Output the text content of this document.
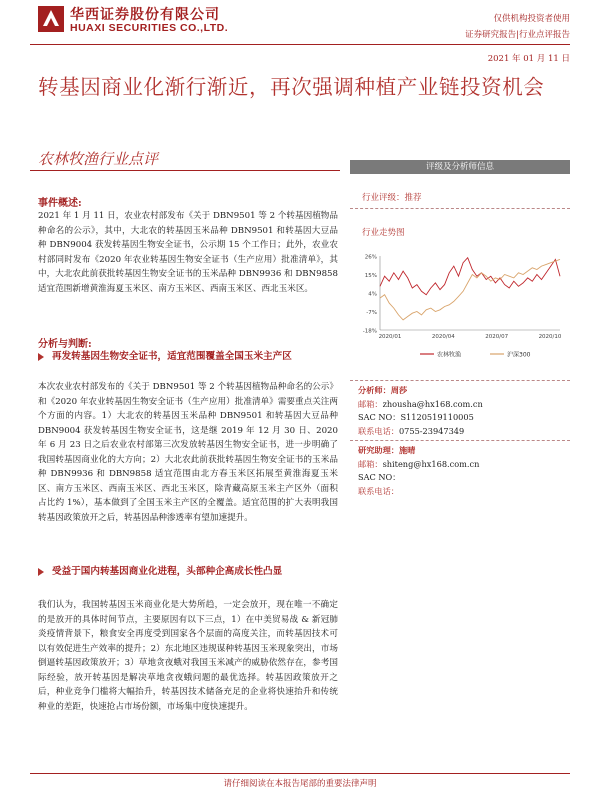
华西证券股份有限公司
HUAXI SECURITIES CO.,LTD.
仅供机构投资者使用
证券研究报告|行业点评报告
2021 年 01 月 11 日
转基因商业化渐行渐近，再次强调种植产业链投资机会
农林牧渔行业点评
事件概述:
2021 年 1 月 11 日，农业农村部发布《关于 DBN9501 等 2 个转基因植物品种命名的公示》，其中，大北农的转基因玉米品种 DBN9501 和转基因大豆品种 DBN9004 获发转基因生物安全证书，公示期 15 个工作日；此外，农业农村部同时发布《2020 年农业转基因生物安全证书（生产应用）批准清单》，其中，大北农此前获批转基因生物安全证书的玉米品种 DBN9936 和 DBN9858 适宜范围新增黄淮海夏玉米区、南方玉米区、西南玉米区、西北玉米区。
分析与判断:
再发转基因生物安全证书，适宜范围覆盖全国玉米主产区
本次农业农村部发布的《关于 DBN9501 等 2 个转基因植物品种命名的公示》和《2020 年农业转基因生物安全证书（生产应用）批准清单》需要重点关注两个方面的内容。1）大北农的转基因玉米品种 DBN9501 和转基因大豆品种 DBN9004 获发转基因生物安全证书，这是继 2019 年 12 月 30 日、2020 年 6 月 23 日之后农业农村部第三次发放转基因生物安全证书，进一步明确了我国转基因商业化的大方向；2）大北农此前获批转基因生物安全证书的玉米品种 DBN9936 和 DBN9858 适宜范围由北方春玉米区拓展至黄淮海夏玉米区、南方玉米区、西南玉米区、西北玉米区，除青藏高原玉米主产区外（面积占比约 1%），基本做到了全国玉米主产区的全覆盖。适宜范围的扩大表明我国转基因政策放开之后，转基因品种渗透率有望加速提升。
受益于国内转基因商业化进程，头部种企高成长性凸显
我们认为，我国转基因玉米商业化是大势所趋，一定会放开，现在唯一不确定的是放开的具体时间节点，主要原因有以下三点，1）在中美贸易战 & 新冠肺炎疫情背景下，粮食安全再度受到国家各个层面的高度关注，而转基因技术可以有效促进生产效率的提升；2）东北地区违规谋种转基因玉米现象突出，市场倒逼转基因政策放开；3）草地贪夜蛾对我国玉米减产的威胁依然存在，参考国际经验，放开转基因是解决草地贪夜蛾问题的最优选择。转基因政策放开之后，种业竞争门槛将大幅抬升，转基因技术储备充足的企业将快速抬升和传统种业的差距，快速抢占市场份额，市场集中度快速提升。
评级及分析师信息
行业评级：推荐
行业走势图
26%
15%
4%
-7%
-18%
2020/01	2020/04	2020/07	2020/10
农林牧渔	沪深300
分析师：周莎
邮箱：zhousha@hx168.com.cn
SAC NO：S1120519110005
联系电话：0755-23947349
研究助理：施晴
邮箱：shiteng@hx168.com.cn
SAC NO：
联系电话：
请仔细阅读在本报告尾部的重要法律声明
